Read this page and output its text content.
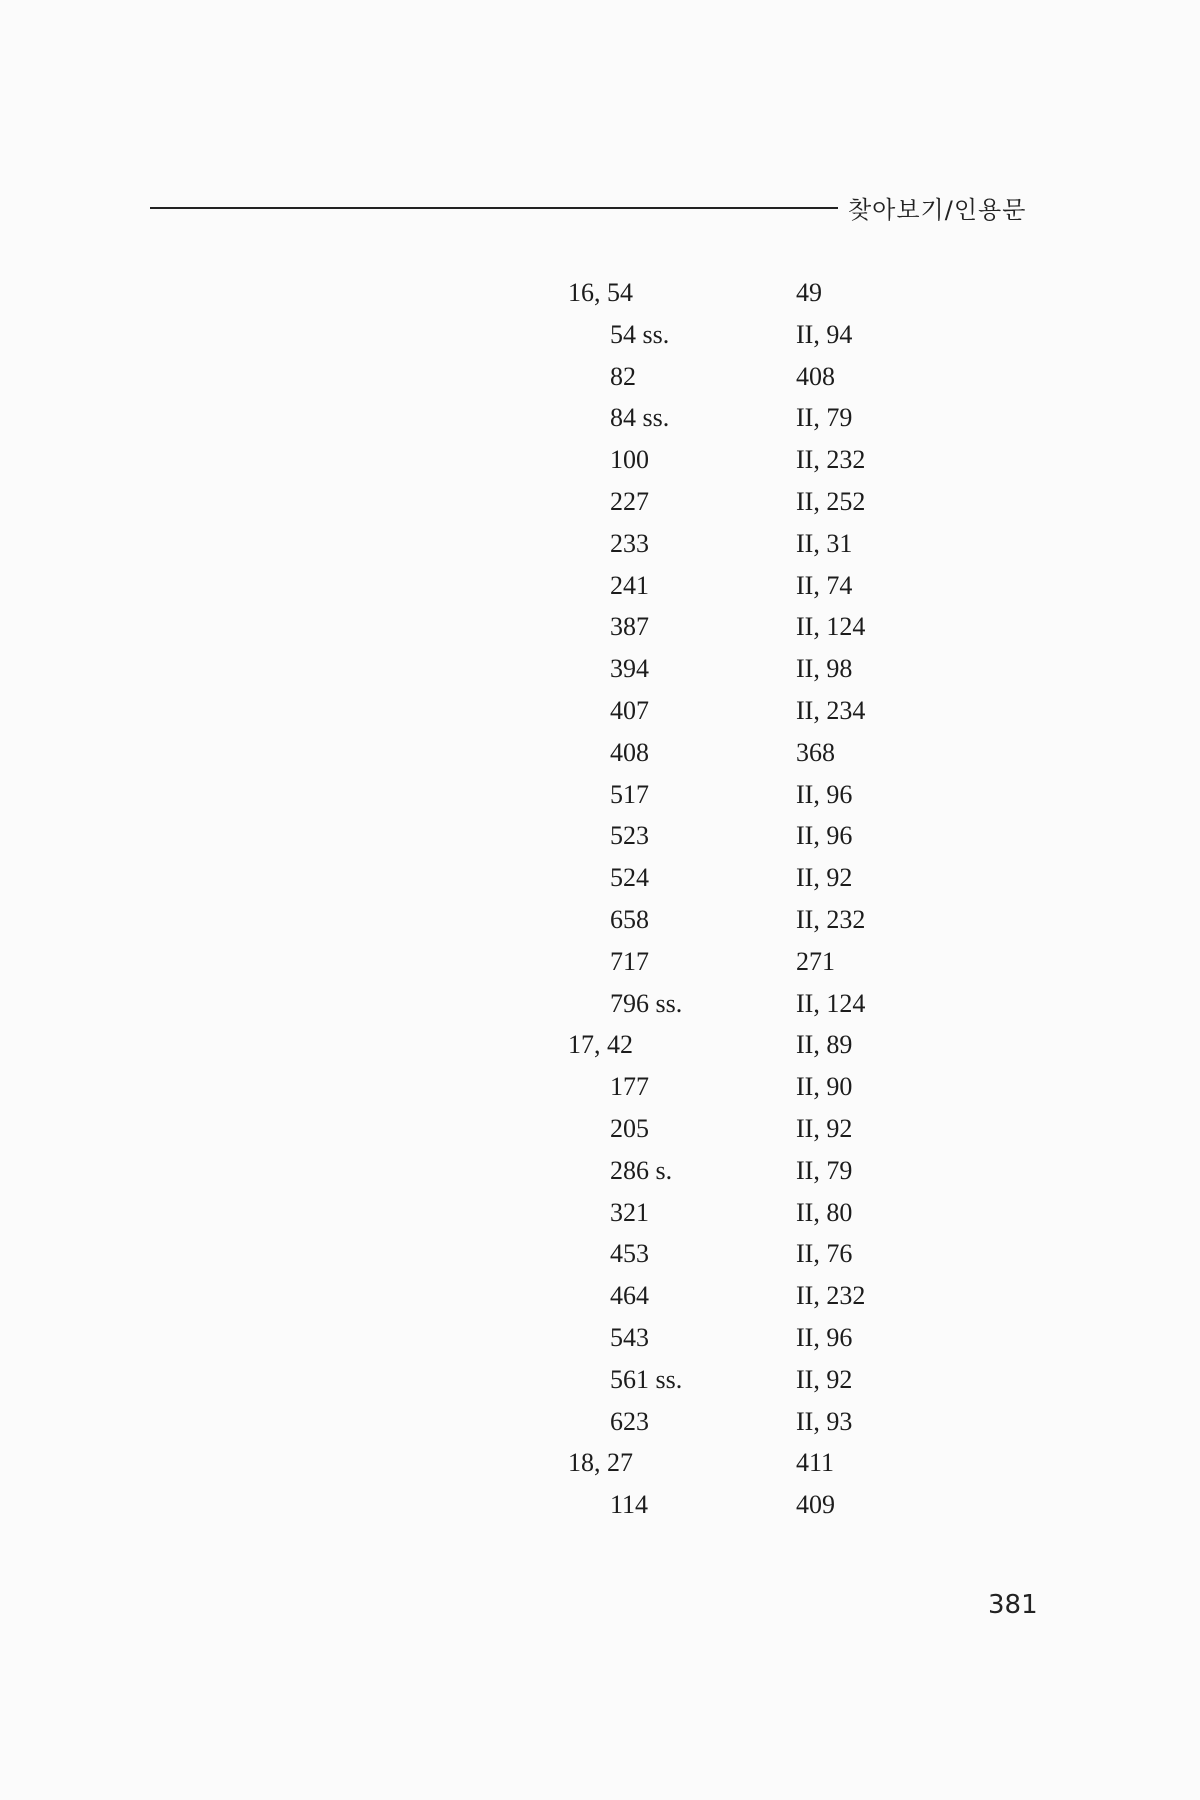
찾아보기/인용문
16, 54	49
54 ss.	II, 94
82	408
84 ss.	II, 79
100	II, 232
227	II, 252
233	II, 31
241	II, 74
387	II, 124
394	II, 98
407	II, 234
408	368
517	II, 96
523	II, 96
524	II, 92
658	II, 232
717	271
796 ss.	II, 124
17, 42	II, 89
177	II, 90
205	II, 92
286 s.	II, 79
321	II, 80
453	II, 76
464	II, 232
543	II, 96
561 ss.	II, 92
623	II, 93
18, 27	411
114	409
381
